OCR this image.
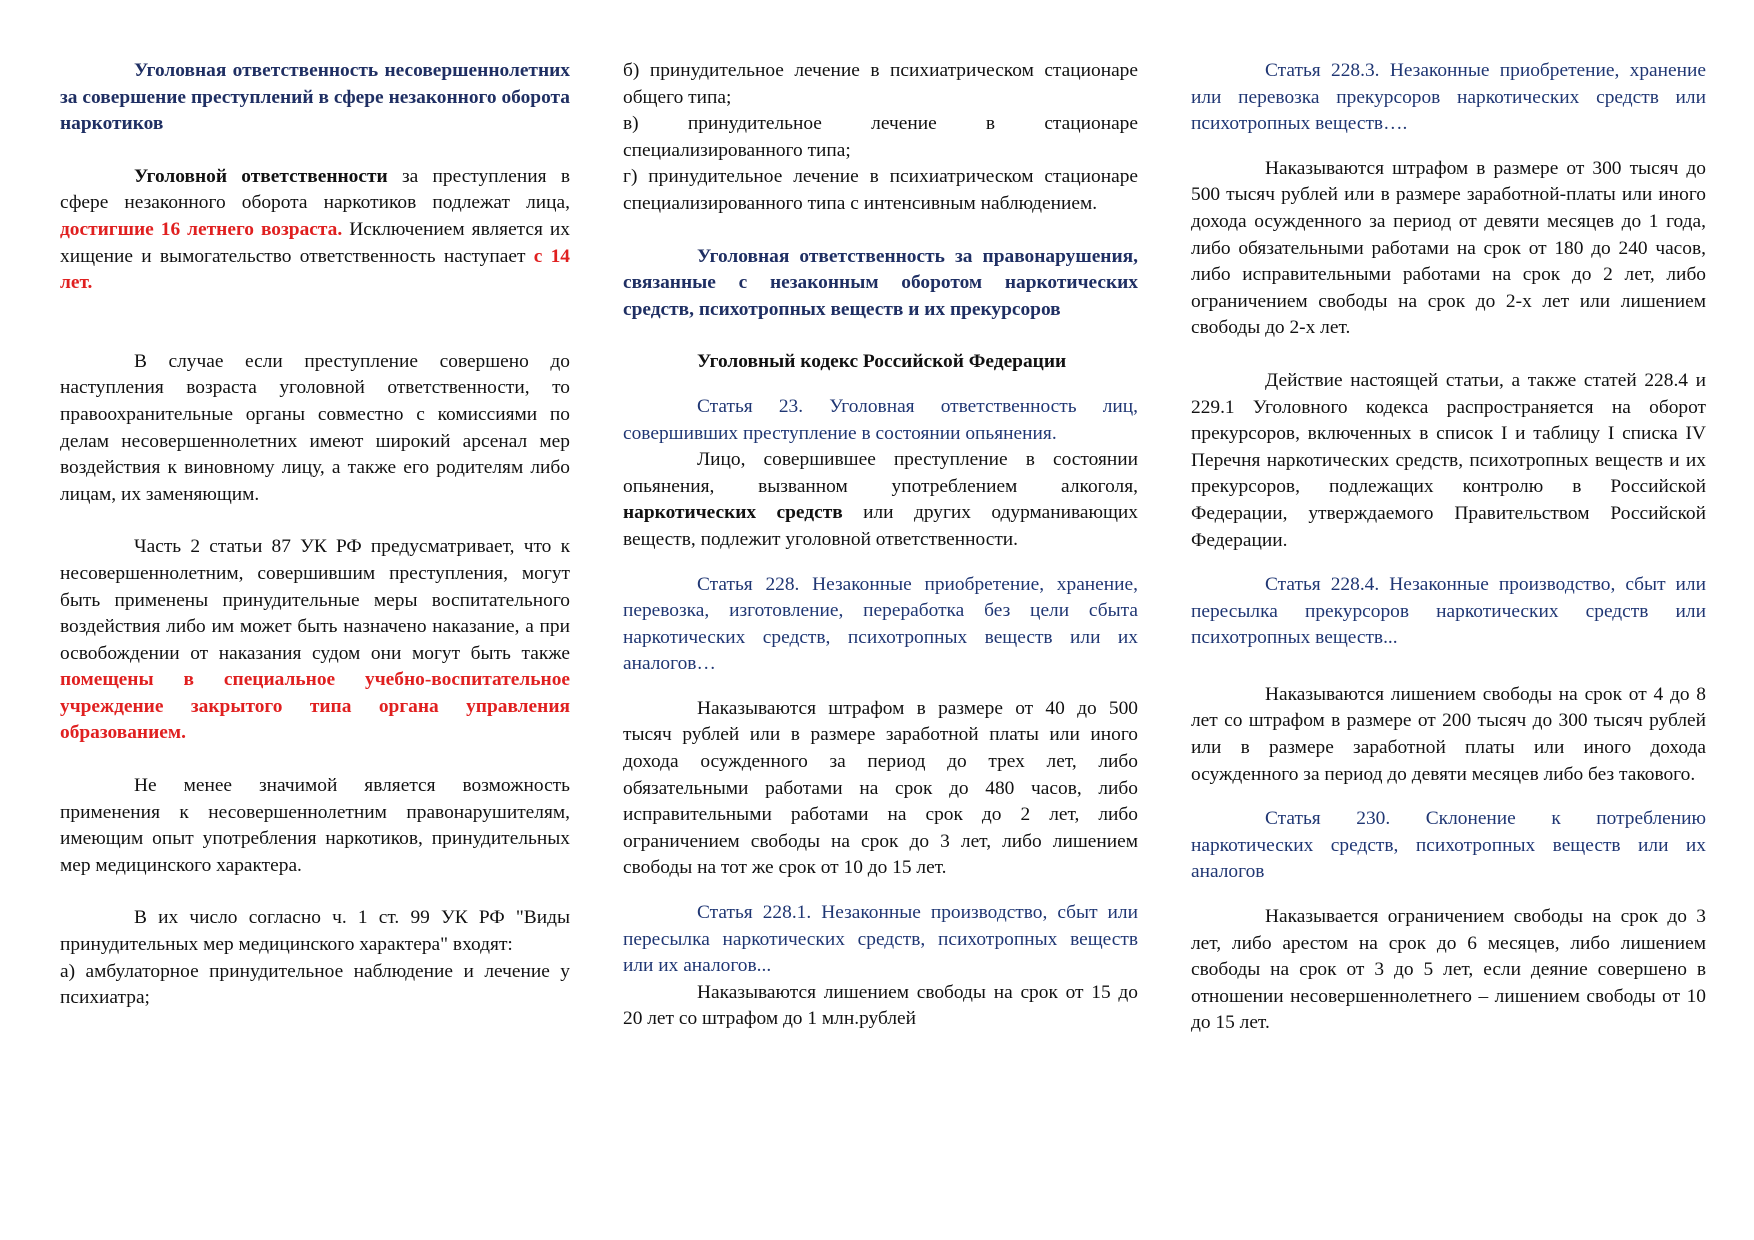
Уголовная ответственность несовершеннолетних за совершение преступлений в сфере незаконного оборота наркотиков

Уголовной ответственности за преступления в сфере незаконного оборота наркотиков подлежат лица, достигшие 16 летнего возраста. Исключением является их хищение и вымогательство ответственность наступает с 14 лет.

В случае если преступление совершено до наступления возраста уголовной ответственности, то правоохранительные органы совместно с комиссиями по делам несовершеннолетних имеют широкий арсенал мер воздействия к виновному лицу, а также его родителям либо лицам, их заменяющим.

Часть 2 статьи 87 УК РФ предусматривает, что к несовершеннолетним, совершившим преступления, могут быть применены принудительные меры воспитательного воздействия либо им может быть назначено наказание, а при освобождении от наказания судом они могут быть также помещены в специальное учебно-воспитательное учреждение закрытого типа органа управления образованием.

Не менее значимой является возможность применения к несовершеннолетним правонарушителям, имеющим опыт употребления наркотиков, принудительных мер медицинского характера.

В их число согласно ч. 1 ст. 99 УК РФ "Виды принудительных мер медицинского характера" входят:

а) амбулаторное принудительное наблюдение и лечение у психиатра;

б) принудительное лечение в психиатрическом стационаре общего типа;

в) принудительное лечение в стационаре специализированного типа;

г) принудительное лечение в психиатрическом стационаре специализированного типа с интенсивным наблюдением.

Уголовная ответственность за правонарушения, связанные с незаконным оборотом наркотических средств, психотропных веществ и их прекурсоров

Уголовный кодекс Российской Федерации

Статья 23. Уголовная ответственность лиц, совершивших преступление в состоянии опьянения.

Лицо, совершившее преступление в состоянии опьянения, вызванном употреблением алкоголя, наркотических средств или других одурманивающих веществ, подлежит уголовной ответственности.

Статья 228. Незаконные приобретение, хранение, перевозка, изготовление, переработка без цели сбыта наркотических средств, психотропных веществ или их аналогов…

Наказываются штрафом в размере от 40 до 500 тысяч рублей или в размере заработной платы или иного дохода осужденного за период до трех лет, либо обязательными работами на срок до 480 часов, либо исправительными работами на срок до 2 лет, либо ограничением свободы на срок до 3 лет, либо лишением свободы на тот же срок от 10 до 15 лет.

Статья 228.1. Незаконные производство, сбыт или пересылка наркотических средств, психотропных веществ или их аналогов...

Наказываются лишением свободы на срок от 15 до 20 лет со штрафом до 1 млн.рублей

Статья 228.3. Незаконные приобретение, хранение или перевозка прекурсоров наркотических средств или психотропных веществ….

Наказываются штрафом в размере от 300 тысяч до 500 тысяч рублей или в размере заработной-платы или иного дохода осужденного за период от девяти месяцев до 1 года, либо обязательными работами на срок от 180 до 240 часов, либо исправительными работами на срок до 2 лет, либо ограничением свободы на срок до 2-х лет или лишением свободы до 2-х лет.

Действие настоящей статьи, а также статей 228.4 и 229.1 Уголовного кодекса распространяется на оборот прекурсоров, включенных в список I и таблицу I списка IV Перечня наркотических средств, психотропных веществ и их прекурсоров, подлежащих контролю в Российской Федерации, утверждаемого Правительством Российской Федерации.

Статья 228.4. Незаконные производство, сбыт или пересылка прекурсоров наркотических средств или психотропных веществ...

Наказываются лишением свободы на срок от 4 до 8 лет со штрафом в размере от 200 тысяч до 300 тысяч рублей или в размере заработной платы или иного дохода осужденного за период до девяти месяцев либо без такового.

Статья 230. Склонение к потреблению наркотических средств, психотропных веществ или их аналогов

Наказывается ограничением свободы на срок до 3 лет, либо арестом на срок до 6 месяцев, либо лишением свободы на срок от 3 до 5 лет, если деяние совершено в отношении несовершеннолетнего – лишением свободы от 10 до 15 лет.
